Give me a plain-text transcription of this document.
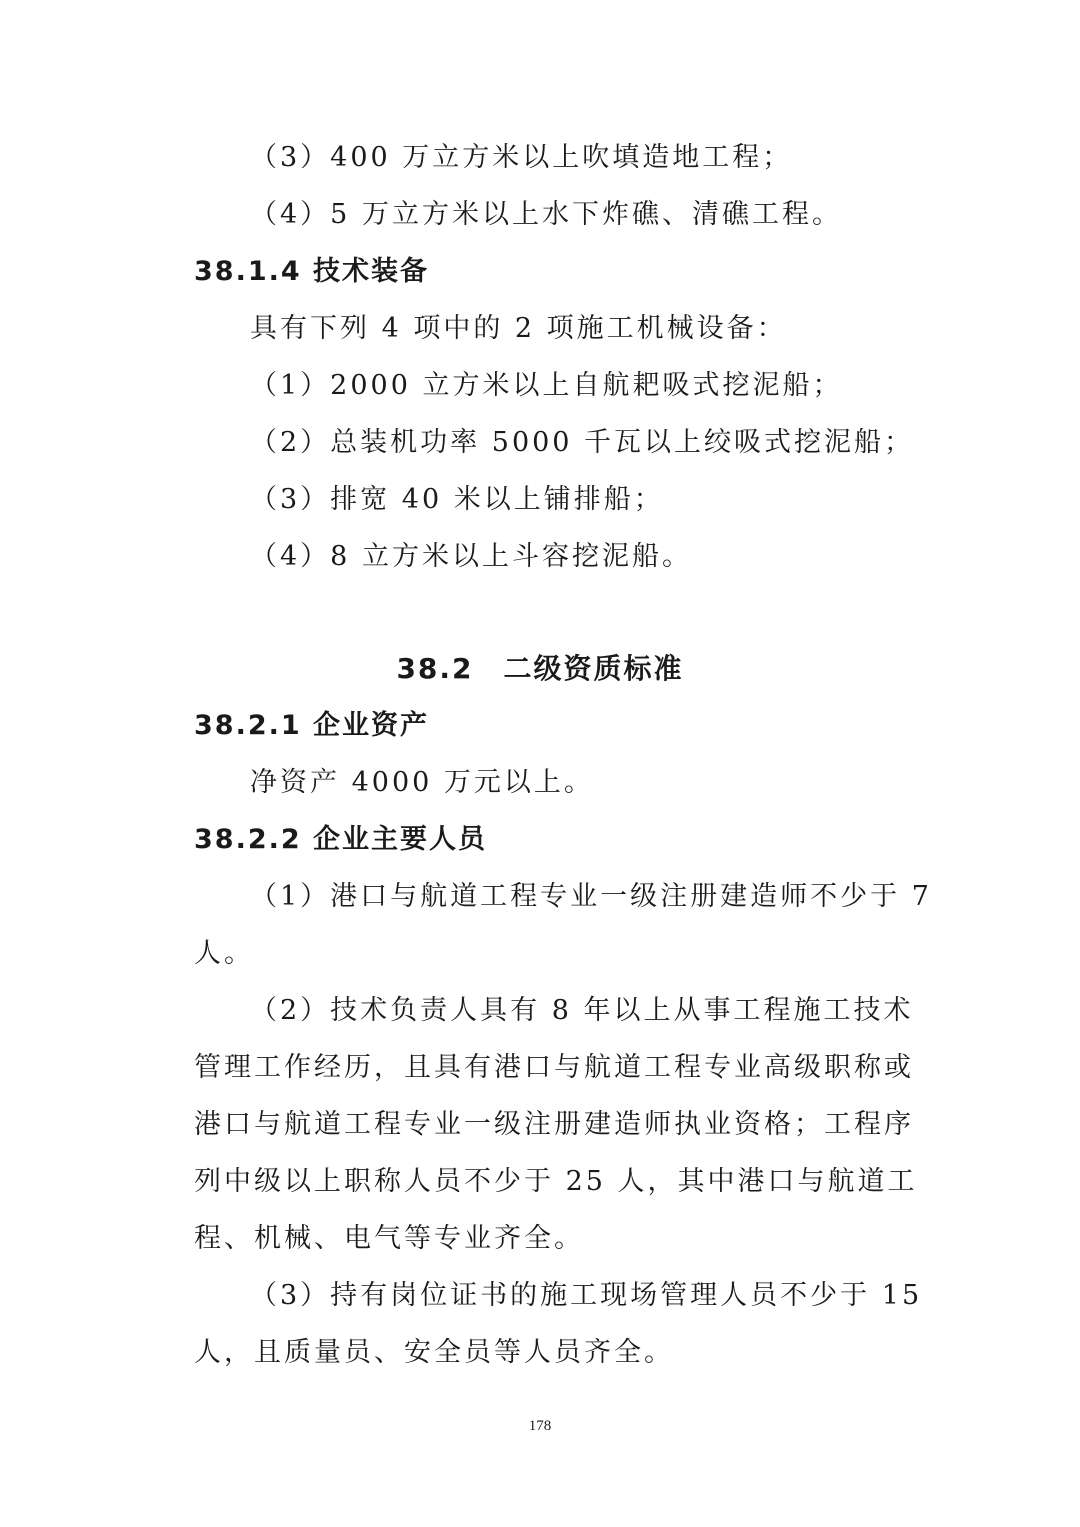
（3）400 万立方米以上吹填造地工程；
（4）5 万立方米以上水下炸礁、清礁工程。
38.1.4 技术装备
具有下列 4 项中的 2 项施工机械设备：
（1）2000 立方米以上自航耙吸式挖泥船；
（2）总装机功率 5000 千瓦以上绞吸式挖泥船；
（3）排宽 40 米以上铺排船；
（4）8 立方米以上斗容挖泥船。
38.2　二级资质标准
38.2.1 企业资产
净资产 4000 万元以上。
38.2.2 企业主要人员
（1）港口与航道工程专业一级注册建造师不少于 7
人。
（2）技术负责人具有 8 年以上从事工程施工技术
管理工作经历，且具有港口与航道工程专业高级职称或
港口与航道工程专业一级注册建造师执业资格；工程序
列中级以上职称人员不少于 25 人，其中港口与航道工
程、机械、电气等专业齐全。
（3）持有岗位证书的施工现场管理人员不少于 15
人，且质量员、安全员等人员齐全。
178
